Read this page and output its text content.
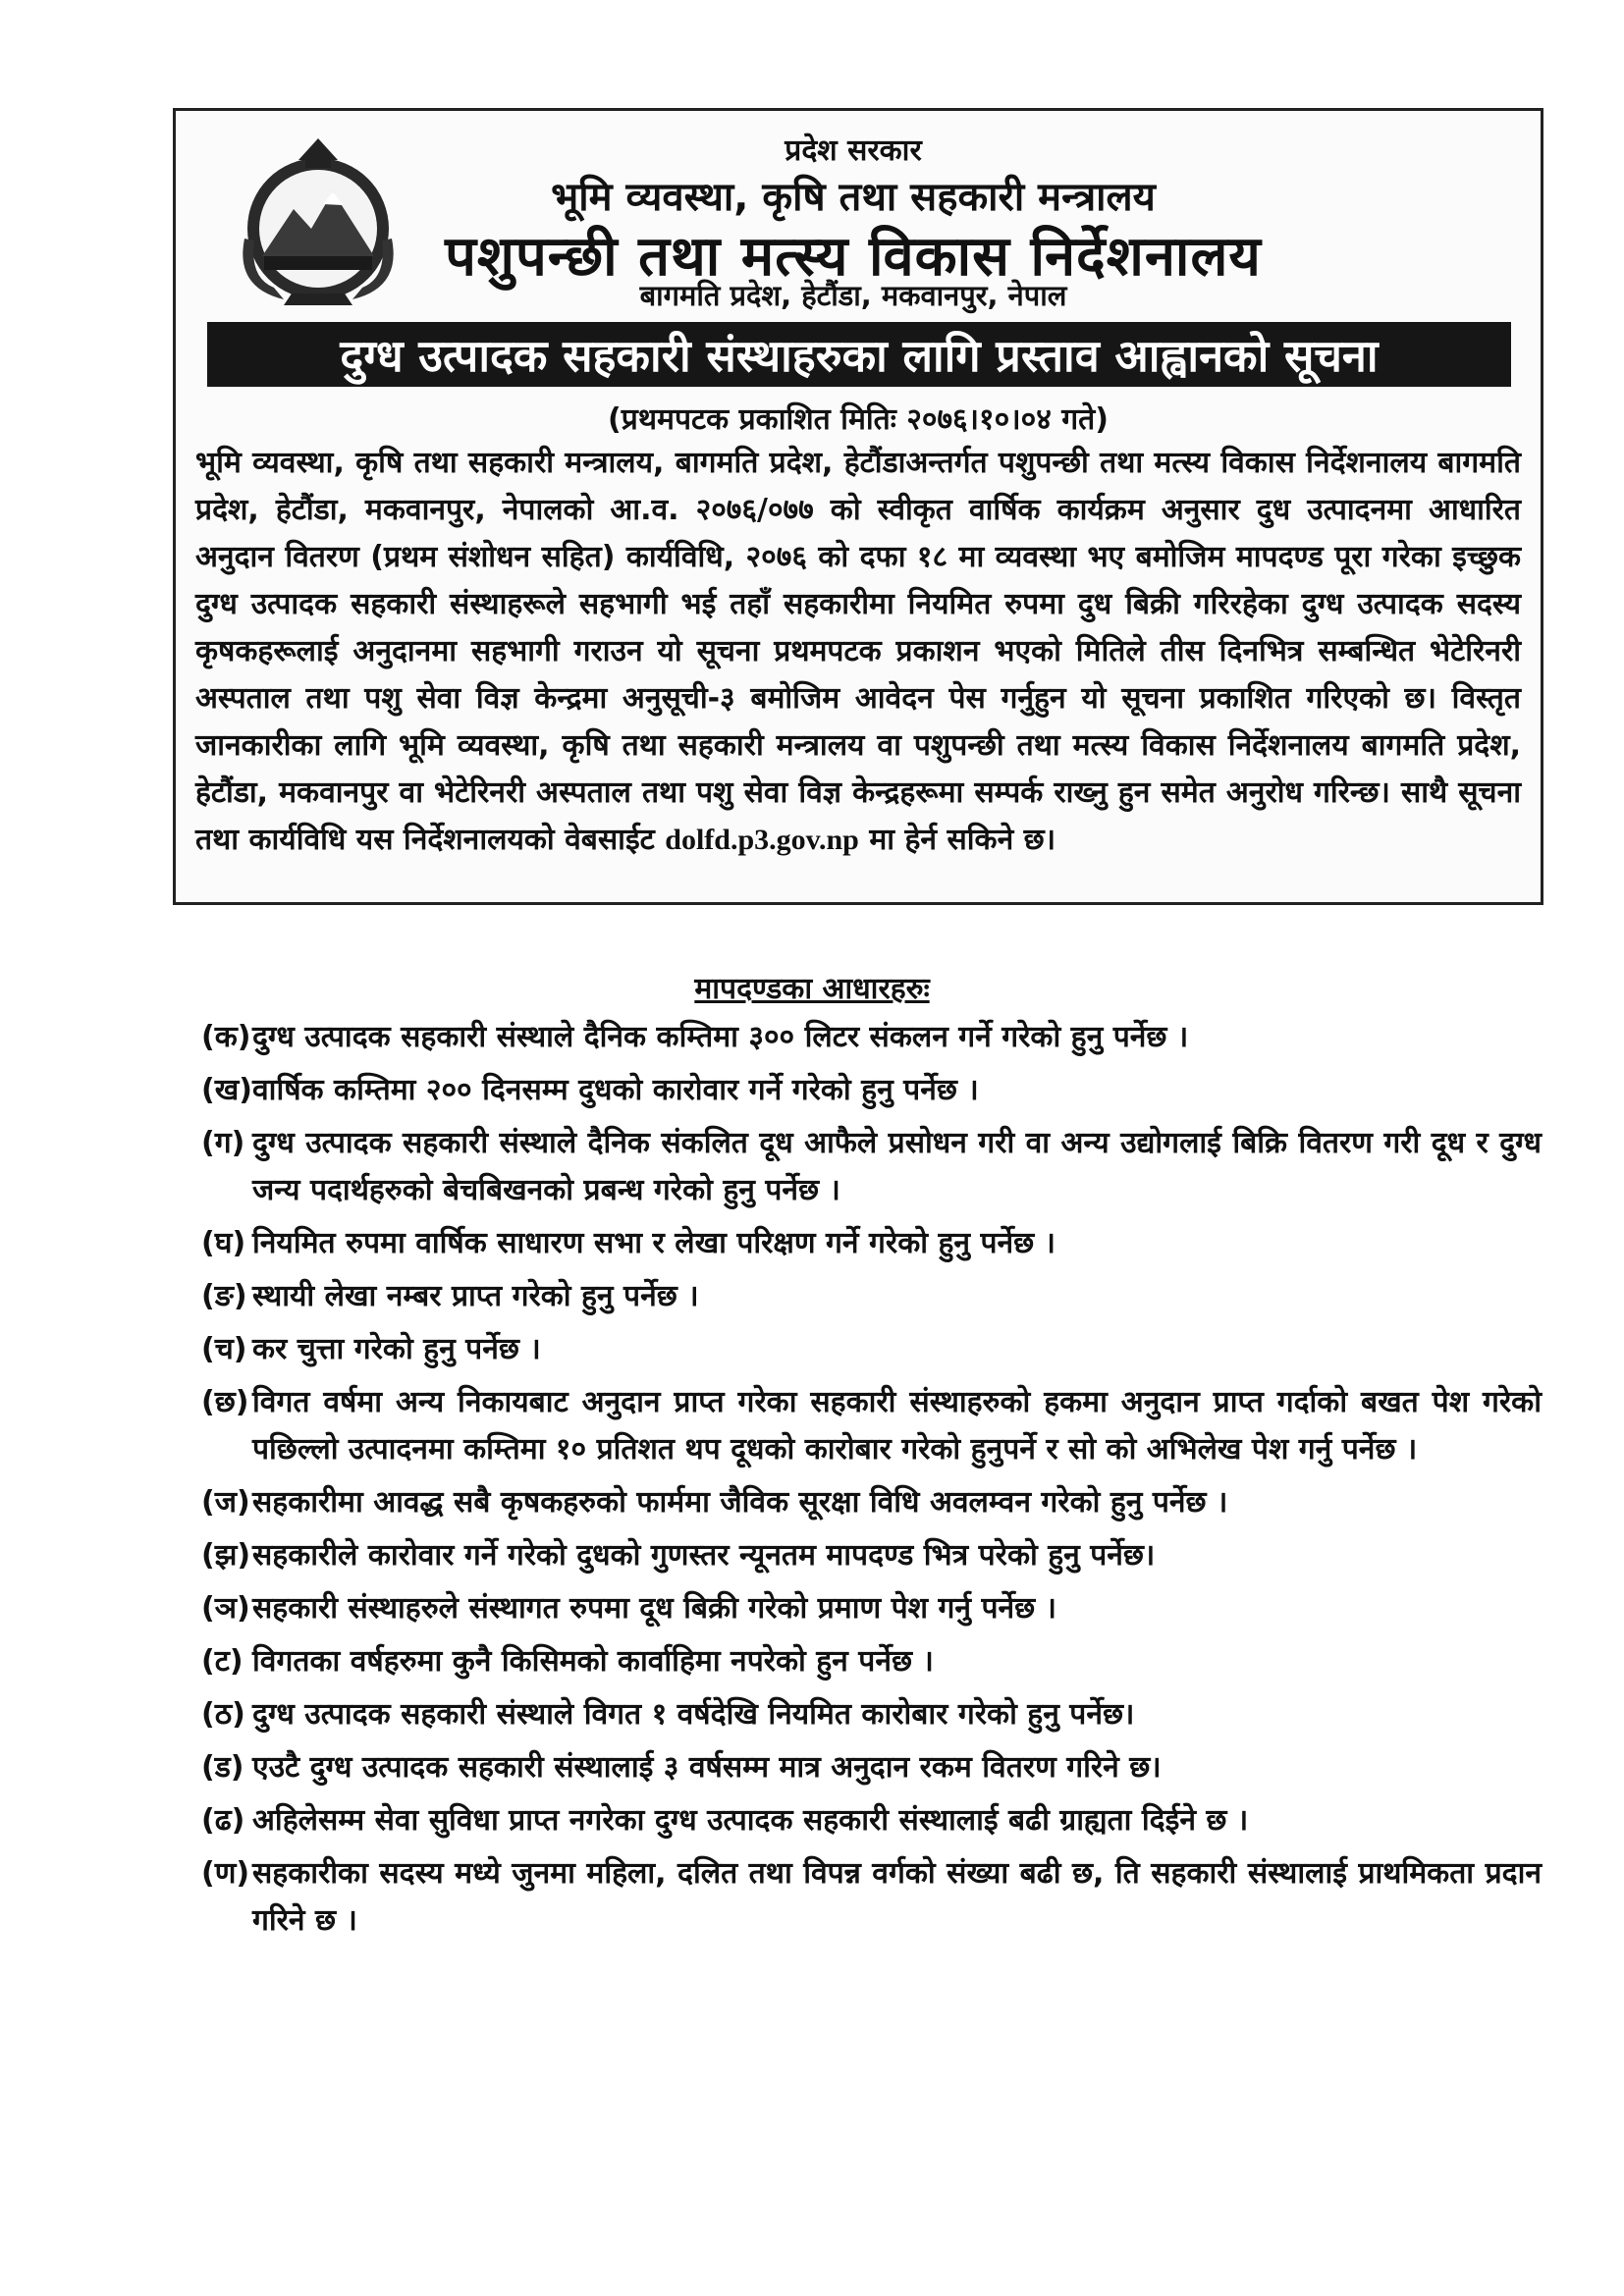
प्रदेश सरकार
भूमि व्यवस्था, कृषि तथा सहकारी मन्त्रालय
पशुपन्छी तथा मत्स्य विकास निर्देशनालय
बागमति प्रदेश, हेटौंडा, मकवानपुर, नेपाल
दुग्ध उत्पादक सहकारी संस्थाहरुका लागि प्रस्ताव आह्वानको सूचना
(प्रथमपटक प्रकाशित मितिः २०७६।१०।०४ गते)
भूमि व्यवस्था, कृषि तथा सहकारी मन्त्रालय, बागमति प्रदेश, हेटौंडाअन्तर्गत पशुपन्छी तथा मत्स्य विकास निर्देशनालय बागमति प्रदेश, हेटौंडा, मकवानपुर, नेपालको आ.व. २०७६/०७७ को स्वीकृत वार्षिक कार्यक्रम अनुसार दुध उत्पादनमा आधारित अनुदान वितरण (प्रथम संशोधन सहित) कार्यविधि, २०७६ को दफा १८ मा व्यवस्था भए बमोजिम मापदण्ड पूरा गरेका इच्छुक दुग्ध उत्पादक सहकारी संस्थाहरूले सहभागी भई तहाँ सहकारीमा नियमित रुपमा दुध बिक्री गरिरहेका दुग्ध उत्पादक सदस्य कृषकहरूलाई अनुदानमा सहभागी गराउन यो सूचना प्रथमपटक प्रकाशन भएको मितिले तीस दिनभित्र सम्बन्धित भेटेरिनरी अस्पताल तथा पशु सेवा विज्ञ केन्द्रमा अनुसूची-३ बमोजिम आवेदन पेस गर्नुहुन यो सूचना प्रकाशित गरिएको छ। विस्तृत जानकारीका लागि भूमि व्यवस्था, कृषि तथा सहकारी मन्त्रालय वा पशुपन्छी तथा मत्स्य विकास निर्देशनालय बागमति प्रदेश, हेटौंडा, मकवानपुर वा भेटेरिनरी अस्पताल तथा पशु सेवा विज्ञ केन्द्रहरूमा सम्पर्क राख्नु हुन समेत अनुरोध गरिन्छ। साथै सूचना तथा कार्यविधि यस निर्देशनालयको वेबसाईट dolfd.p3.gov.np मा हेर्न सकिने छ।
मापदण्डका आधारहरुः
(क) दुग्ध उत्पादक सहकारी संस्थाले दैनिक कम्तिमा ३०० लिटर संकलन गर्ने गरेको हुनु पर्नेछ ।
(ख) वार्षिक कम्तिमा २०० दिनसम्म दुधको कारोवार गर्ने गरेको हुनु पर्नेछ ।
(ग) दुग्ध उत्पादक सहकारी संस्थाले दैनिक संकलित दूध आफैले प्रसोधन गरी वा अन्य उद्योगलाई बिक्रि वितरण गरी दूध र दुग्ध जन्य पदार्थहरुको बेचबिखनको प्रबन्ध गरेको हुनु पर्नेछ ।
(घ) नियमित रुपमा वार्षिक साधारण सभा र लेखा परिक्षण गर्ने गरेको हुनु पर्नेछ ।
(ङ) स्थायी लेखा नम्बर प्राप्त गरेको हुनु पर्नेछ ।
(च) कर चुत्ता गरेको हुनु पर्नेछ ।
(छ) विगत वर्षमा अन्य निकायबाट अनुदान प्राप्त गरेका सहकारी संस्थाहरुको हकमा अनुदान प्राप्त गर्दाको बखत पेश गरेको पछिल्लो उत्पादनमा कम्तिमा १० प्रतिशत थप दूधको कारोबार गरेको हुनुपर्ने र सो को अभिलेख पेश गर्नु पर्नेछ ।
(ज) सहकारीमा आवद्ध सबै कृषकहरुको फार्ममा जैविक सूरक्षा विधि अवलम्वन गरेको हुनु पर्नेछ ।
(झ) सहकारीले कारोवार गर्ने गरेको दुधको गुणस्तर न्यूनतम मापदण्ड भित्र परेको हुनु पर्नेछ।
(ञ) सहकारी संस्थाहरुले संस्थागत रुपमा दूध बिक्री गरेको प्रमाण पेश गर्नु पर्नेछ ।
(ट) विगतका वर्षहरुमा कुनै किसिमको कार्वाहिमा नपरेको हुन पर्नेछ ।
(ठ) दुग्ध उत्पादक सहकारी संस्थाले विगत १ वर्षदेखि नियमित कारोबार गरेको हुनु पर्नेछ।
(ड) एउटै दुग्ध उत्पादक सहकारी संस्थालाई ३ वर्षसम्म मात्र अनुदान रकम वितरण गरिने छ।
(ढ) अहिलेसम्म सेवा सुविधा प्राप्त नगरेका दुग्ध उत्पादक सहकारी संस्थालाई बढी ग्राह्यता दिईने छ ।
(ण) सहकारीका सदस्य मध्ये जुनमा महिला, दलित तथा विपन्न वर्गको संख्या बढी छ, ति सहकारी संस्थालाई प्राथमिकता प्रदान गरिने छ ।
